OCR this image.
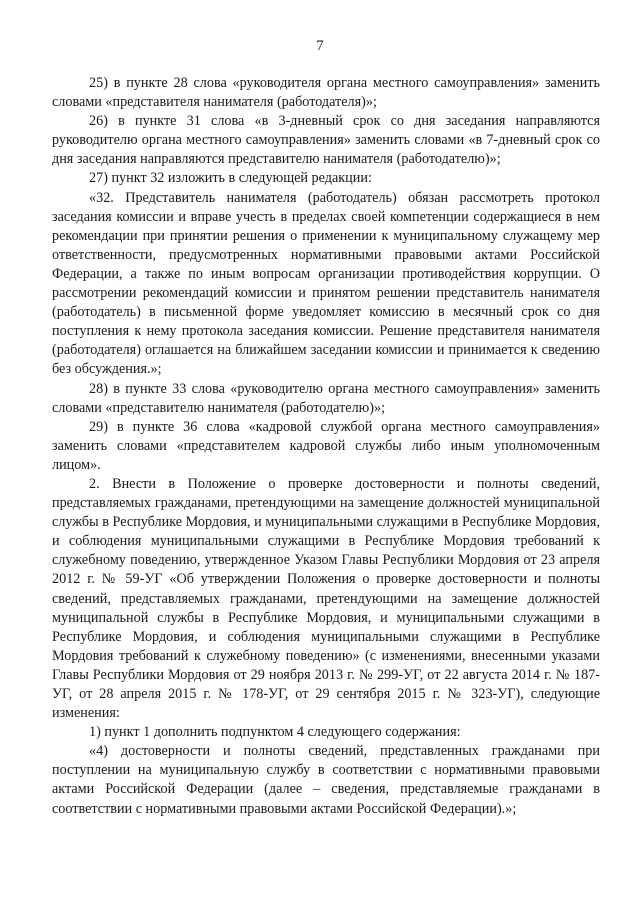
7

25) в пункте 28 слова «руководителя органа местного самоуправления» заменить словами «представителя нанимателя (работодателя)»;

26) в пункте 31 слова «в 3-дневный срок со дня заседания направляются руководителю органа местного самоуправления» заменить словами «в 7-дневный срок со дня заседания направляются представителю нанимателя (работодателю)»;

27) пункт 32 изложить в следующей редакции:

«32. Представитель нанимателя (работодатель) обязан рассмотреть протокол заседания комиссии и вправе учесть в пределах своей компетенции содержащиеся в нем рекомендации при принятии решения о применении к муниципальному служащему мер ответственности, предусмотренных нормативными правовыми актами Российской Федерации, а также по иным вопросам организации противодействия коррупции. О рассмотрении рекомендаций комиссии и принятом решении представитель нанимателя (работодатель) в письменной форме уведомляет комиссию в месячный срок со дня поступления к нему протокола заседания комиссии. Решение представителя нанимателя (работодателя) оглашается на ближайшем заседании комиссии и принимается к сведению без обсуждения.»;

28) в пункте 33 слова «руководителю органа местного самоуправления» заменить словами «представителю нанимателя (работодателю)»;

29) в пункте 36 слова «кадровой службой органа местного самоуправления» заменить словами «представителем кадровой службы либо иным уполномоченным лицом».

2. Внести в Положение о проверке достоверности и полноты сведений, представляемых гражданами, претендующими на замещение должностей муниципальной службы в Республике Мордовия, и муниципальными служащими в Республике Мордовия, и соблюдения муниципальными служащими в Республике Мордовия требований к служебному поведению, утвержденное Указом Главы Республики Мордовия от 23 апреля 2012 г. № 59-УГ «Об утверждении Положения о проверке достоверности и полноты сведений, представляемых гражданами, претендующими на замещение должностей муниципальной службы в Республике Мордовия, и муниципальными служащими в Республике Мордовия, и соблюдения муниципальными служащими в Республике Мордовия требований к служебному поведению» (с изменениями, внесенными указами Главы Республики Мордовия от 29 ноября 2013 г. № 299-УГ, от 22 августа 2014 г. № 187-УГ, от 28 апреля 2015 г. № 178-УГ, от 29 сентября 2015 г. № 323-УГ), следующие изменения:

1) пункт 1 дополнить подпунктом 4 следующего содержания:

«4) достоверности и полноты сведений, представленных гражданами при поступлении на муниципальную службу в соответствии с нормативными правовыми актами Российской Федерации (далее – сведения, представляемые гражданами в соответствии с нормативными правовыми актами Российской Федерации).»;
